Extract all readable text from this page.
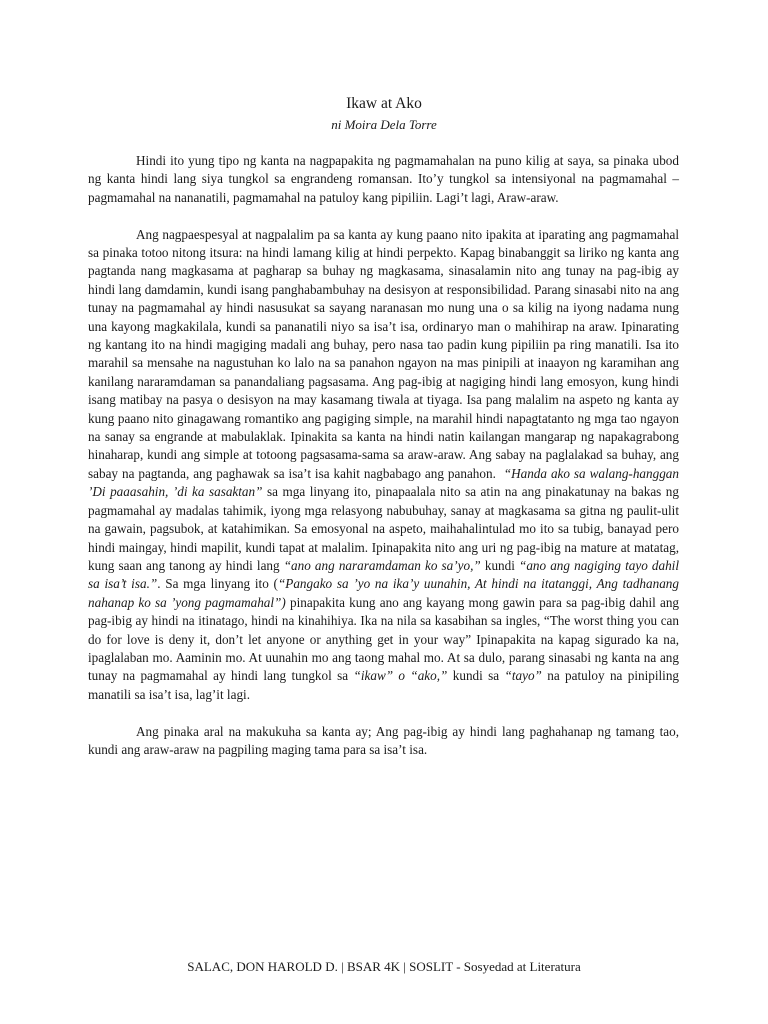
Ikaw at Ako
ni Moira Dela Torre

Hindi ito yung tipo ng kanta na nagpapakita ng pagmamahalan na puno kilig at saya, sa pinaka ubod ng kanta hindi lang siya tungkol sa engrandeng romansan. Ito’y tungkol sa intensiyonal na pagmamahal – pagmamahal na nananatili, pagmamahal na patuloy kang pipiliin. Lagi’t lagi, Araw-araw.

Ang nagpaespesyal at nagpalalim pa sa kanta ay kung paano nito ipakita at iparating ang pagmamahal sa pinaka totoo nitong itsura: na hindi lamang kilig at hindi perpekto. Kapag binabanggit sa liriko ng kanta ang pagtanda nang magkasama at pagharap sa buhay ng magkasama, sinasalamin nito ang tunay na pag-ibig ay hindi lang damdamin, kundi isang panghabambuhay na desisyon at responsibilidad. Parang sinasabi nito na ang tunay na pagmamahal ay hindi nasusukat sa sayang naranasan mo nung una o sa kilig na iyong nadama nung una kayong magkakilala, kundi sa pananatili niyo sa isa’t isa, ordinaryo man o mahihirap na araw. Ipinarating ng kantang ito na hindi magiging madali ang buhay, pero nasa tao padin kung pipiliin pa ring manatili. Isa ito marahil sa mensahe na nagustuhan ko lalo na sa panahon ngayon na mas pinipili at inaayon ng karamihan ang kanilang nararamdaman sa panandaliang pagsasama. Ang pag-ibig at nagiging hindi lang emosyon, kung hindi isang matibay na pasya o desisyon na may kasamang tiwala at tiyaga. Isa pang malalim na aspeto ng kanta ay kung paano nito ginagawang romantiko ang pagiging simple, na marahil hindi napagtatanto ng mga tao ngayon na sanay sa engrande at mabulaklak. Ipinakita sa kanta na hindi natin kailangan mangarap ng napakagrabong hinaharap, kundi ang simple at totoong pagsasama-sama sa araw-araw. Ang sabay na paglalakad sa buhay, ang sabay na pagtanda, ang paghawak sa isa’t isa kahit nagbabago ang panahon. “Handa ako sa walang-hanggan ’Di paaasahin, ’di ka sasaktan” sa mga linyang ito, pinapaalala nito sa atin na ang pinakatunay na bakas ng pagmamahal ay madalas tahimik, iyong mga relasyong nabubuhay, sanay at magkasama sa gitna ng paulit-ulit na gawain, pagsubok, at katahimikan. Sa emosyonal na aspeto, maihahalintulad mo ito sa tubig, banayad pero hindi maingay, hindi mapilit, kundi tapat at malalim. Ipinapakita nito ang uri ng pag-ibig na mature at matatag, kung saan ang tanong ay hindi lang “ano ang nararamdaman ko sa’yo,” kundi “ano ang nagiging tayo dahil sa isa’t isa.”. Sa mga linyang ito (“Pangako sa ’yo na ika’y uunahin, At hindi na itatanggi, Ang tadhanang nahanap ko sa ’yong pagmamahal”) pinapakita kung ano ang kayang mong gawin para sa pag-ibig dahil ang pag-ibig ay hindi na itinatago, hindi na kinahihiya. Ika na nila sa kasabihan sa ingles, “The worst thing you can do for love is deny it, don’t let anyone or anything get in your way” Ipinapakita na kapag sigurado ka na, ipaglalaban mo. Aaminin mo. At uunahin mo ang taong mahal mo. At sa dulo, parang sinasabi ng kanta na ang tunay na pagmamahal ay hindi lang tungkol sa “ikaw” o “ako,” kundi sa “tayo” na patuloy na pinipiling manatili sa isa’t isa, lag’it lagi.

Ang pinaka aral na makukuha sa kanta ay; Ang pag-ibig ay hindi lang paghahanap ng tamang tao, kundi ang araw-araw na pagpiling maging tama para sa isa’t isa.

SALAC, DON HAROLD D. | BSAR 4K | SOSLIT - Sosyedad at Literatura
